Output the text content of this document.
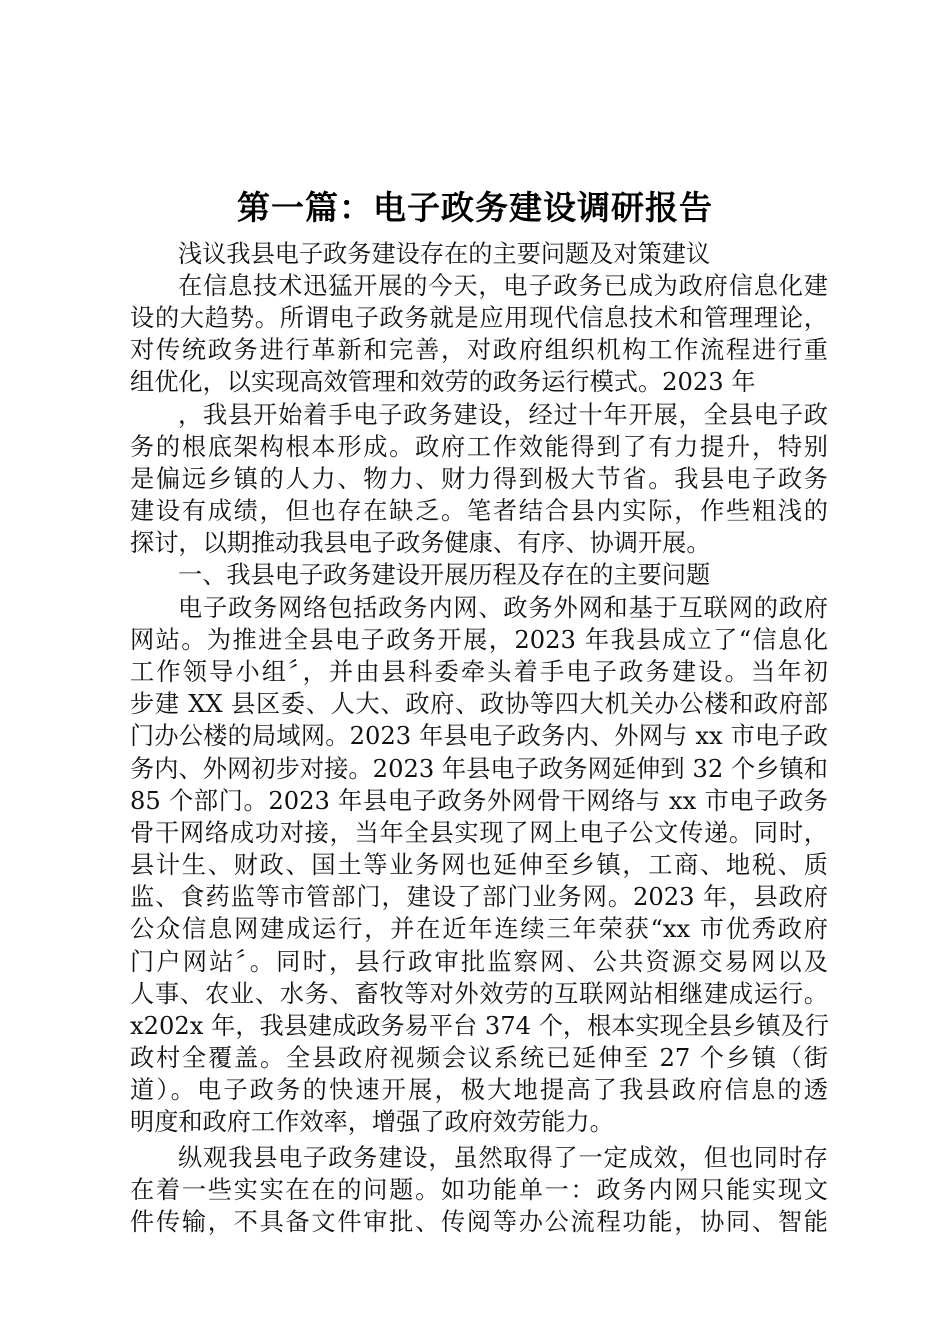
第一篇：电子政务建设调研报告
浅议我县电子政务建设存在的主要问题及对策建议
在信息技术迅猛开展的今天，电子政务已成为政府信息化建
设的大趋势。所谓电子政务就是应用现代信息技术和管理理论，
对传统政务进行革新和完善，对政府组织机构工作流程进行重
组优化，以实现高效管理和效劳的政务运行模式。2023 年
，我县开始着手电子政务建设，经过十年开展，全县电子政
务的根底架构根本形成。政府工作效能得到了有力提升，特别
是偏远乡镇的人力、物力、财力得到极大节省。我县电子政务
建设有成绩，但也存在缺乏。笔者结合县内实际，作些粗浅的
探讨，以期推动我县电子政务健康、有序、协调开展。
一、我县电子政务建设开展历程及存在的主要问题
电子政务网络包括政务内网、政务外网和基于互联网的政府
网站。为推进全县电子政务开展，2023 年我县成立了“信息化
工作领导小组〞，并由县科委牵头着手电子政务建设。当年初
步建 XX 县区委、人大、政府、政协等四大机关办公楼和政府部
门办公楼的局域网。2023 年县电子政务内、外网与 xx 市电子政
务内、外网初步对接。2023 年县电子政务网延伸到 32 个乡镇和
85 个部门。2023 年县电子政务外网骨干网络与 xx 市电子政务
骨干网络成功对接，当年全县实现了网上电子公文传递。同时，
县计生、财政、国土等业务网也延伸至乡镇，工商、地税、质
监、食药监等市管部门，建设了部门业务网。2023 年，县政府
公众信息网建成运行，并在近年连续三年荣获“xx 市优秀政府
门户网站〞。同时，县行政审批监察网、公共资源交易网以及
人事、农业、水务、畜牧等对外效劳的互联网站相继建成运行。
x202x 年，我县建成政务易平台 374 个，根本实现全县乡镇及行
政村全覆盖。全县政府视频会议系统已延伸至 27 个乡镇（街
道）。电子政务的快速开展，极大地提高了我县政府信息的透
明度和政府工作效率，增强了政府效劳能力。
纵观我县电子政务建设，虽然取得了一定成效，但也同时存
在着一些实实在在的问题。如功能单一：政务内网只能实现文
件传输，不具备文件审批、传阅等办公流程功能，协同、智能
